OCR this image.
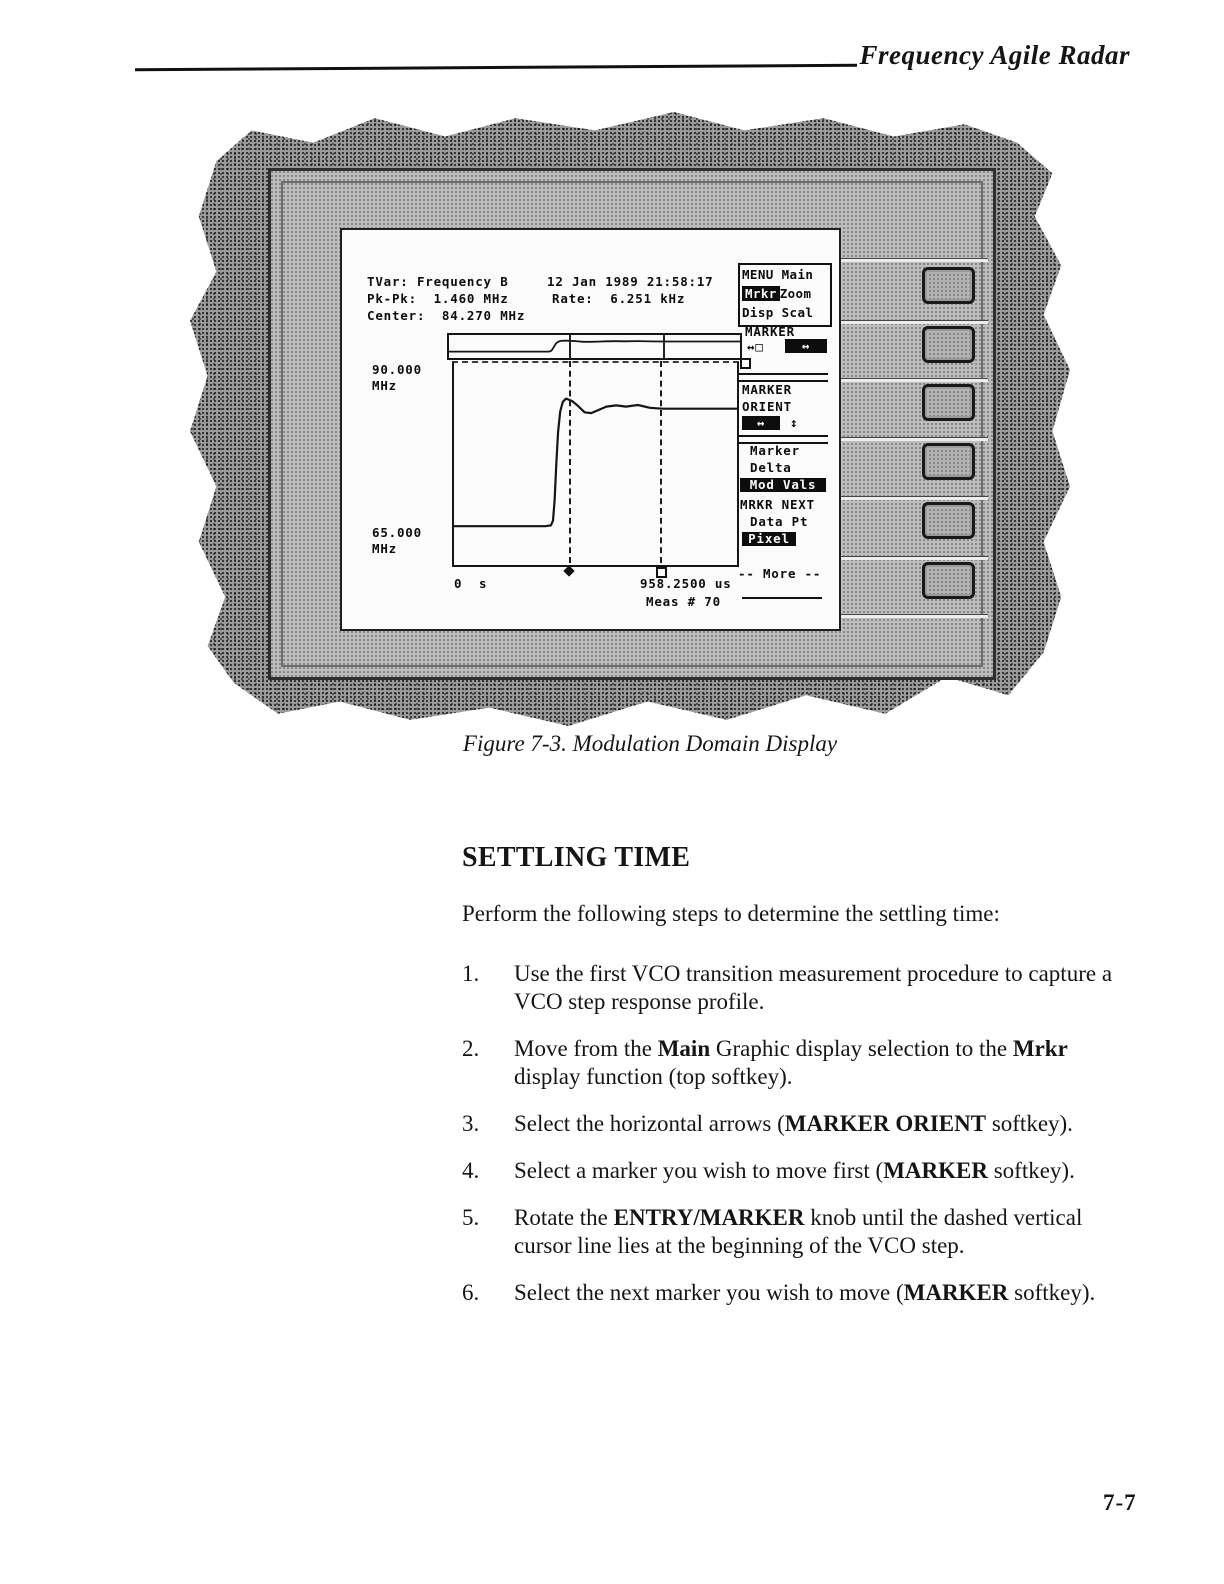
Frequency Agile Radar
TVar: Frequency B	12 Jan 1989 21:58:17
Pk-Pk:  1.460 MHz	Rate:  6.251 kHz
Center:  84.270 MHz
90.000
MHz
65.000
MHz
0  s	958.2500 us
Meas # 70
MENU Main
Mrkr Zoom
Disp Scal
MARKER
↔□	↔
MARKER
ORIENT
↔	↕
Marker
Delta
Mod Vals
MRKR NEXT
Data Pt
Pixel
-- More --
Figure 7-3. Modulation Domain Display
SETTLING TIME

Perform the following steps to determine the settling time:

1.	Use the first VCO transition measurement procedure to capture a VCO step response profile.
2.	Move from the Main Graphic display selection to the Mrkr display function (top softkey).
3.	Select the horizontal arrows (MARKER ORIENT softkey).
4.	Select a marker you wish to move first (MARKER softkey).
5.	Rotate the ENTRY/MARKER knob until the dashed vertical cursor line lies at the beginning of the VCO step.
6.	Select the next marker you wish to move (MARKER softkey).
7-7
